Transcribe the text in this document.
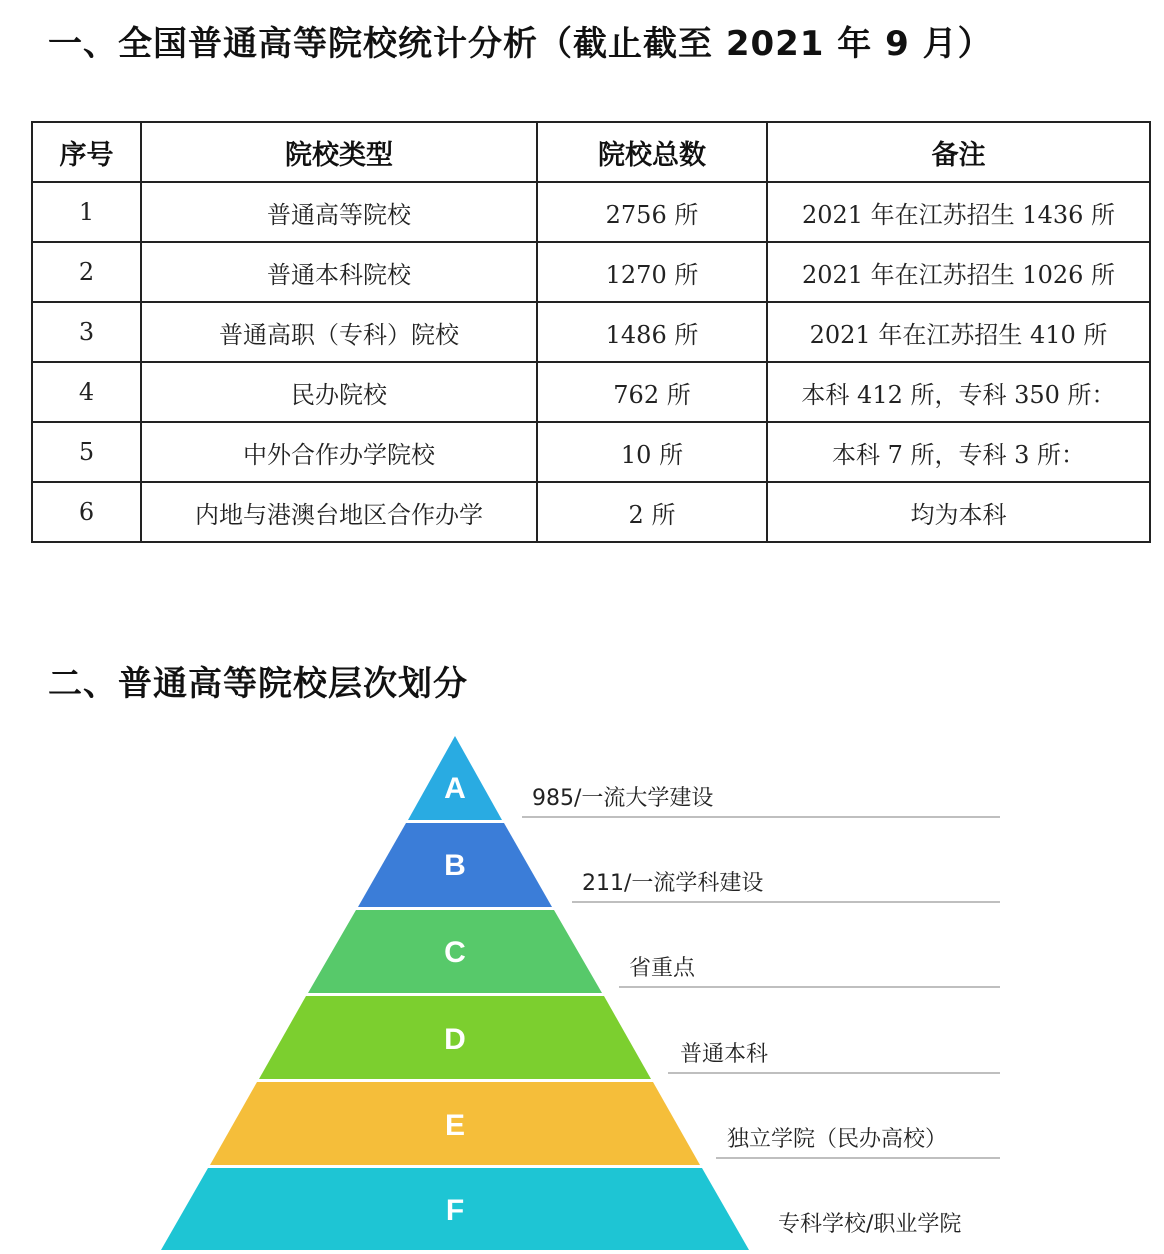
一、全国普通高等院校统计分析（截止截至 2021 年 9 月）
序号	院校类型	院校总数	备注
1	普通高等院校	2756 所	2021 年在江苏招生 1436 所
2	普通本科院校	1270 所	2021 年在江苏招生 1026 所
3	普通高职（专科）院校	1486 所	2021 年在江苏招生 410 所
4	民办院校	762 所	本科 412 所，专科 350 所：
5	中外合作办学院校	10 所	本科 7 所，专科 3 所：
6	内地与港澳台地区合作办学	2 所	均为本科
二、普通高等院校层次划分
A	985/一流大学建设
B
211/一流学科建设
C	省重点
D	普通本科
E	独立学院（民办高校）
F	专科学校/职业学院
